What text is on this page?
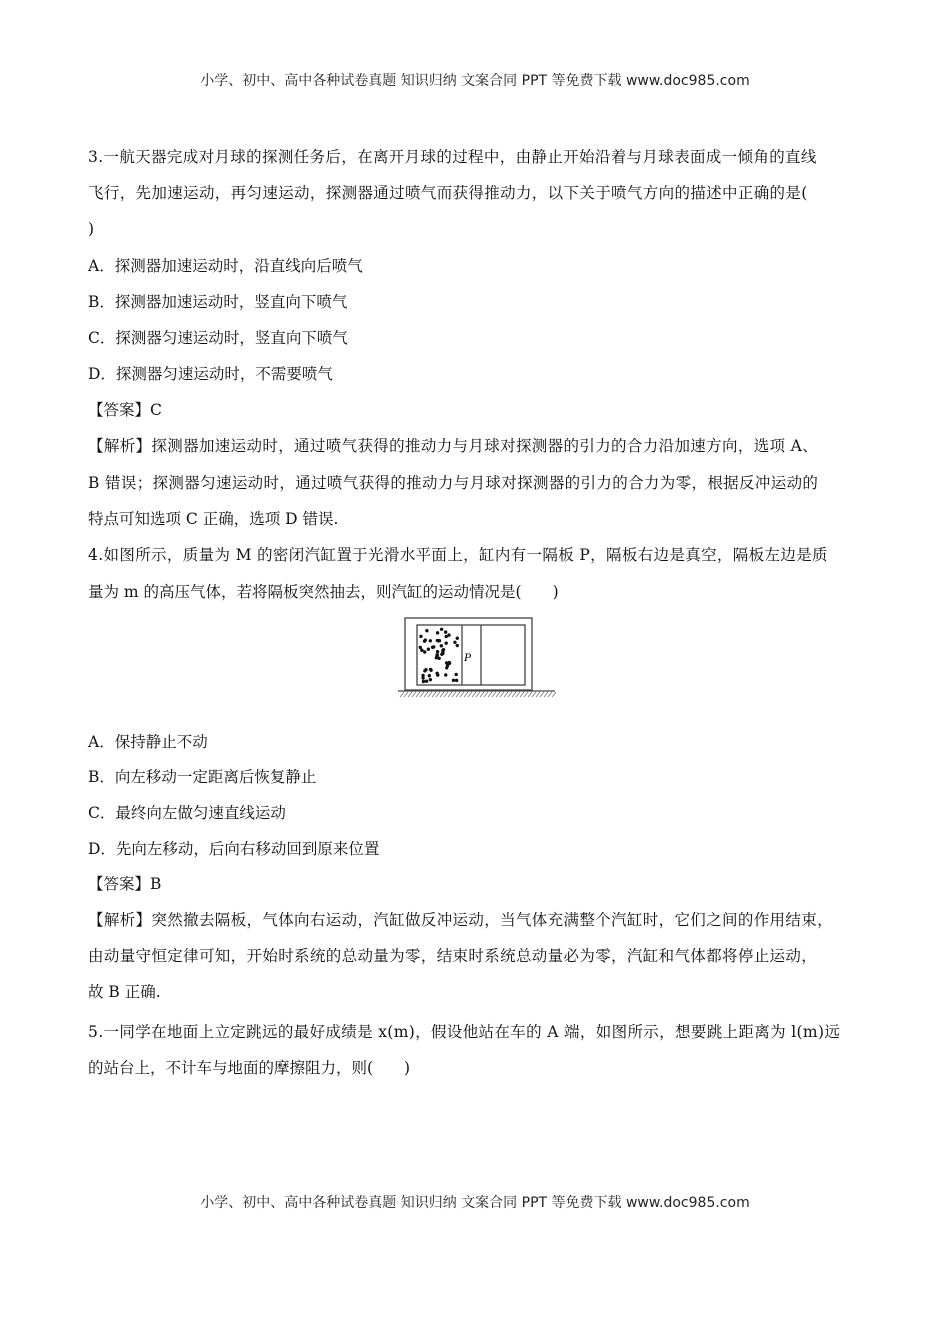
小学、初中、高中各种试卷真题 知识归纳 文案合同 PPT 等免费下载 www.doc985.com
3.一航天器完成对月球的探测任务后，在离开月球的过程中，由静止开始沿着与月球表面成一倾角的直线
飞行，先加速运动，再匀速运动，探测器通过喷气而获得推动力，以下关于喷气方向的描述中正确的是(
)
A．探测器加速运动时，沿直线向后喷气
B．探测器加速运动时，竖直向下喷气
C．探测器匀速运动时，竖直向下喷气
D．探测器匀速运动时，不需要喷气
【答案】C
【解析】探测器加速运动时，通过喷气获得的推动力与月球对探测器的引力的合力沿加速方向，选项 A、
B 错误；探测器匀速运动时，通过喷气获得的推动力与月球对探测器的引力的合力为零，根据反冲运动的
特点可知选项 C 正确，选项 D 错误.
4.如图所示，质量为 M 的密闭汽缸置于光滑水平面上，缸内有一隔板 P，隔板右边是真空，隔板左边是质
量为 m 的高压气体，若将隔板突然抽去，则汽缸的运动情况是(　　)
P
A．保持静止不动
B．向左移动一定距离后恢复静止
C．最终向左做匀速直线运动
D．先向左移动，后向右移动回到原来位置
【答案】B
【解析】突然撤去隔板，气体向右运动，汽缸做反冲运动，当气体充满整个汽缸时，它们之间的作用结束，
由动量守恒定律可知，开始时系统的总动量为零，结束时系统总动量必为零，汽缸和气体都将停止运动，
故 B 正确.
5.一同学在地面上立定跳远的最好成绩是 x(m)，假设他站在车的 A 端，如图所示，想要跳上距离为 l(m)远
的站台上，不计车与地面的摩擦阻力，则(　　)
小学、初中、高中各种试卷真题 知识归纳 文案合同 PPT 等免费下载 www.doc985.com
